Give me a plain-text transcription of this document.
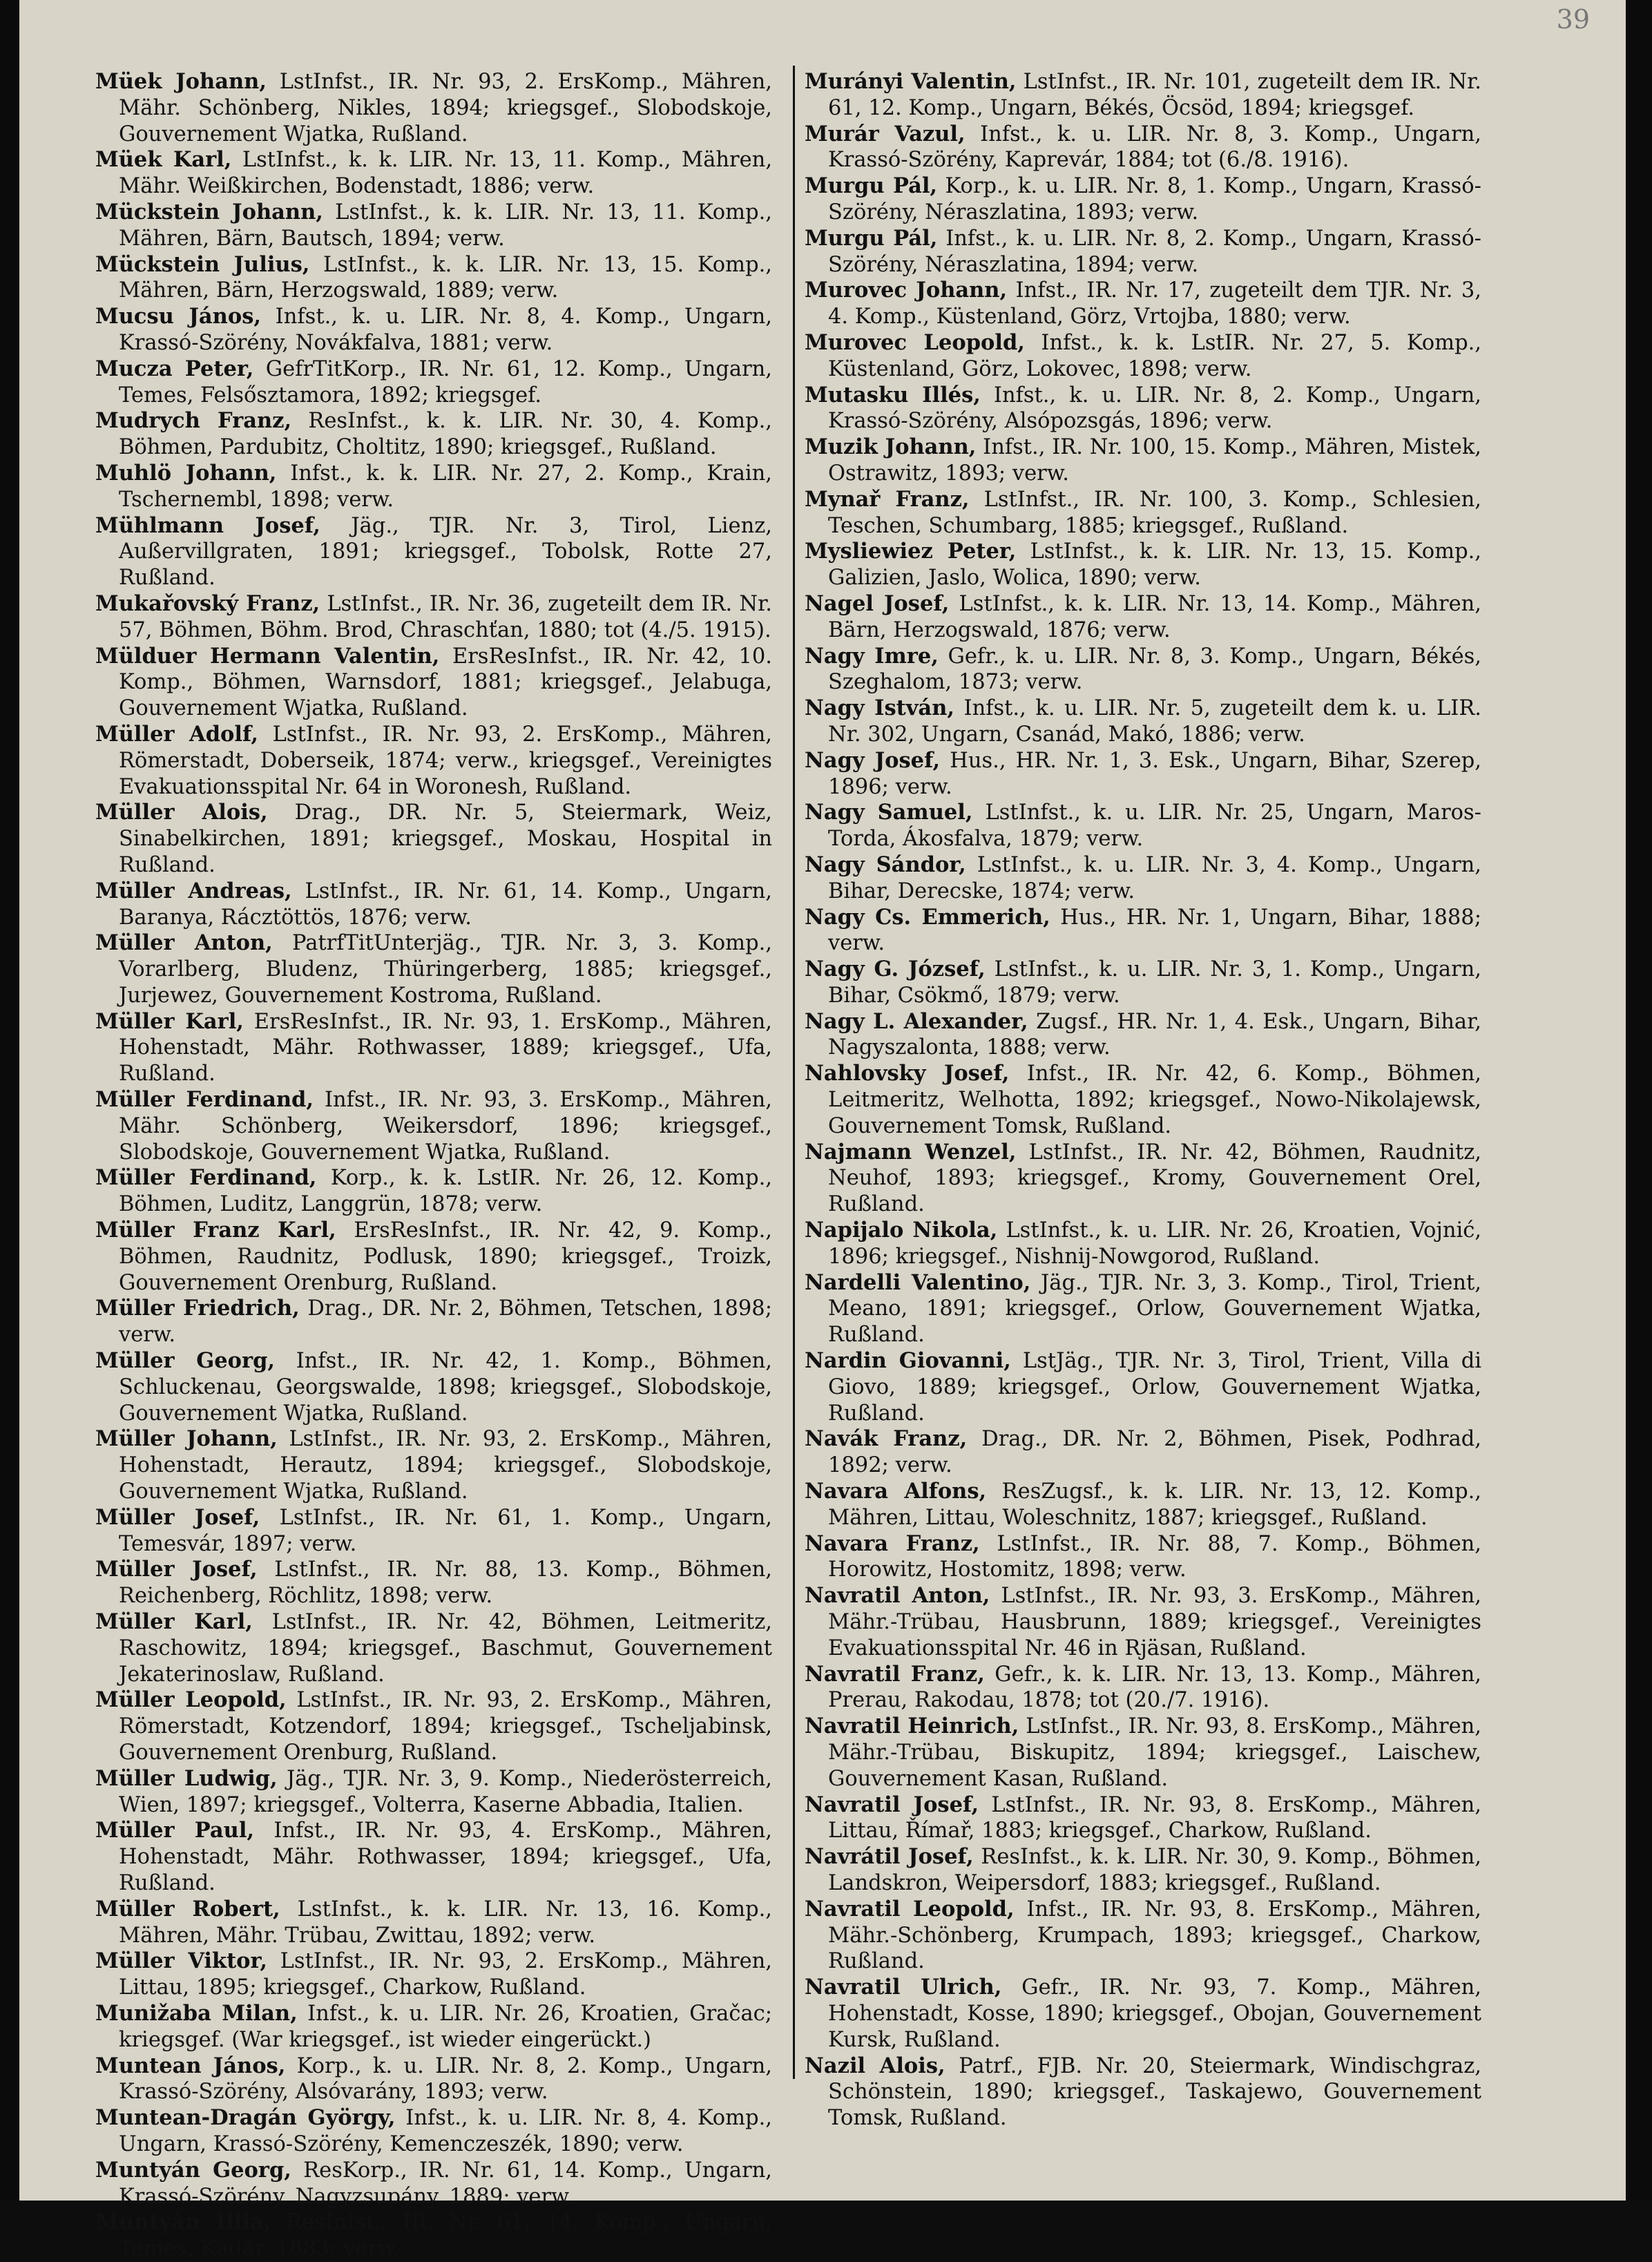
39

Müek Johann, LstInfst., IR. Nr. 93, 2. ErsKomp., Mähren, Mähr. Schönberg, Nikles, 1894; kriegsgef., Slobodskoje, Gouvernement Wjatka, Rußland.

Müek Karl, LstInfst., k. k. LIR. Nr. 13, 11. Komp., Mähren, Mähr. Weißkirchen, Bodenstadt, 1886; verw.

Mückstein Johann, LstInfst., k. k. LIR. Nr. 13, 11. Komp., Mähren, Bärn, Bautsch, 1894; verw.

Mückstein Julius, LstInfst., k. k. LIR. Nr. 13, 15. Komp., Mähren, Bärn, Herzogswald, 1889; verw.

Mucsu János, Infst., k. u. LIR. Nr. 8, 4. Komp., Ungarn, Krassó-Szörény, Novákfalva, 1881; verw.

Mucza Peter, GefrTitKorp., IR. Nr. 61, 12. Komp., Ungarn, Temes, Felsősztamora, 1892; kriegsgef.

Mudrych Franz, ResInfst., k. k. LIR. Nr. 30, 4. Komp., Böhmen, Pardubitz, Choltitz, 1890; kriegsgef., Rußland.

Muhlö Johann, Infst., k. k. LIR. Nr. 27, 2. Komp., Krain, Tschernembl, 1898; verw.

Mühlmann Josef, Jäg., TJR. Nr. 3, Tirol, Lienz, Außervillgraten, 1891; kriegsgef., Tobolsk, Rotte 27, Rußland.

Mukařovský Franz, LstInfst., IR. Nr. 36, zugeteilt dem IR. Nr. 57, Böhmen, Böhm. Brod, Chraschťan, 1880; tot (4./5. 1915).

Mülduer Hermann Valentin, ErsResInfst., IR. Nr. 42, 10. Komp., Böhmen, Warnsdorf, 1881; kriegsgef., Jelabuga, Gouvernement Wjatka, Rußland.

Müller Adolf, LstInfst., IR. Nr. 93, 2. ErsKomp., Mähren, Römerstadt, Doberseik, 1874; verw., kriegsgef., Vereinigtes Evakuationsspital Nr. 64 in Woronesh, Rußland.

Müller Alois, Drag., DR. Nr. 5, Steiermark, Weiz, Sinabelkirchen, 1891; kriegsgef., Moskau, Hospital in Rußland.

Müller Andreas, LstInfst., IR. Nr. 61, 14. Komp., Ungarn, Baranya, Rácztöttös, 1876; verw.

Müller Anton, PatrfTitUnterjäg., TJR. Nr. 3, 3. Komp., Vorarlberg, Bludenz, Thüringerberg, 1885; kriegsgef., Jurjewez, Gouvernement Kostroma, Rußland.

Müller Karl, ErsResInfst., IR. Nr. 93, 1. ErsKomp., Mähren, Hohenstadt, Mähr. Rothwasser, 1889; kriegsgef., Ufa, Rußland.

Müller Ferdinand, Infst., IR. Nr. 93, 3. ErsKomp., Mähren, Mähr. Schönberg, Weikersdorf, 1896; kriegsgef., Slobodskoje, Gouvernement Wjatka, Rußland.

Müller Ferdinand, Korp., k. k. LstIR. Nr. 26, 12. Komp., Böhmen, Luditz, Langgrün, 1878; verw.

Müller Franz Karl, ErsResInfst., IR. Nr. 42, 9. Komp., Böhmen, Raudnitz, Podlusk, 1890; kriegsgef., Troizk, Gouvernement Orenburg, Rußland.

Müller Friedrich, Drag., DR. Nr. 2, Böhmen, Tetschen, 1898; verw.

Müller Georg, Infst., IR. Nr. 42, 1. Komp., Böhmen, Schluckenau, Georgswalde, 1898; kriegsgef., Slobodskoje, Gouvernement Wjatka, Rußland.

Müller Johann, LstInfst., IR. Nr. 93, 2. ErsKomp., Mähren, Hohenstadt, Herautz, 1894; kriegsgef., Slobodskoje, Gouvernement Wjatka, Rußland.

Müller Josef, LstInfst., IR. Nr. 61, 1. Komp., Ungarn, Temesvár, 1897; verw.

Müller Josef, LstInfst., IR. Nr. 88, 13. Komp., Böhmen, Reichenberg, Röchlitz, 1898; verw.

Müller Karl, LstInfst., IR. Nr. 42, Böhmen, Leitmeritz, Raschowitz, 1894; kriegsgef., Baschmut, Gouvernement Jekaterinoslaw, Rußland.

Müller Leopold, LstInfst., IR. Nr. 93, 2. ErsKomp., Mähren, Römerstadt, Kotzendorf, 1894; kriegsgef., Tscheljabinsk, Gouvernement Orenburg, Rußland.

Müller Ludwig, Jäg., TJR. Nr. 3, 9. Komp., Niederösterreich, Wien, 1897; kriegsgef., Volterra, Kaserne Abbadia, Italien.

Müller Paul, Infst., IR. Nr. 93, 4. ErsKomp., Mähren, Hohenstadt, Mähr. Rothwasser, 1894; kriegsgef., Ufa, Rußland.

Müller Robert, LstInfst., k. k. LIR. Nr. 13, 16. Komp., Mähren, Mähr. Trübau, Zwittau, 1892; verw.

Müller Viktor, LstInfst., IR. Nr. 93, 2. ErsKomp., Mähren, Littau, 1895; kriegsgef., Charkow, Rußland.

Munižaba Milan, Infst., k. u. LIR. Nr. 26, Kroatien, Gračac; kriegsgef. (War kriegsgef., ist wieder eingerückt.)

Muntean János, Korp., k. u. LIR. Nr. 8, 2. Komp., Ungarn, Krassó-Szörény, Alsóvarány, 1893; verw.

Muntean-Dragán György, Infst., k. u. LIR. Nr. 8, 4. Komp., Ungarn, Krassó-Szörény, Kemenczeszék, 1890; verw.

Muntyán Georg, ResKorp., IR. Nr. 61, 14. Komp., Ungarn, Krassó-Szörény, Nagyzsupány, 1889; verw.

Muntyán Illia, ResInfst., IR. Nr. 61, 14. Komp., Ungarn, Temes, Kádár, 1883; verw.

Murányi Valentin, LstInfst., IR. Nr. 101, zugeteilt dem IR. Nr. 61, 12. Komp., Ungarn, Békés, Öcsöd, 1894; kriegsgef.

Murár Vazul, Infst., k. u. LIR. Nr. 8, 3. Komp., Ungarn, Krassó-Szörény, Kaprevár, 1884; tot (6./8. 1916).

Murgu Pál, Korp., k. u. LIR. Nr. 8, 1. Komp., Ungarn, Krassó-Szörény, Néraszlatina, 1893; verw.

Murgu Pál, Infst., k. u. LIR. Nr. 8, 2. Komp., Ungarn, Krassó-Szörény, Néraszlatina, 1894; verw.

Murovec Johann, Infst., IR. Nr. 17, zugeteilt dem TJR. Nr. 3, 4. Komp., Küstenland, Görz, Vrtojba, 1880; verw.

Murovec Leopold, Infst., k. k. LstIR. Nr. 27, 5. Komp., Küstenland, Görz, Lokovec, 1898; verw.

Mutasku Illés, Infst., k. u. LIR. Nr. 8, 2. Komp., Ungarn, Krassó-Szörény, Alsópozsgás, 1896; verw.

Muzik Johann, Infst., IR. Nr. 100, 15. Komp., Mähren, Mistek, Ostrawitz, 1893; verw.

Mynař Franz, LstInfst., IR. Nr. 100, 3. Komp., Schlesien, Teschen, Schumbarg, 1885; kriegsgef., Rußland.

Mysliewiez Peter, LstInfst., k. k. LIR. Nr. 13, 15. Komp., Galizien, Jaslo, Wolica, 1890; verw.

Nagel Josef, LstInfst., k. k. LIR. Nr. 13, 14. Komp., Mähren, Bärn, Herzogswald, 1876; verw.

Nagy Imre, Gefr., k. u. LIR. Nr. 8, 3. Komp., Ungarn, Békés, Szeghalom, 1873; verw.

Nagy István, Infst., k. u. LIR. Nr. 5, zugeteilt dem k. u. LIR. Nr. 302, Ungarn, Csanád, Makó, 1886; verw.

Nagy Josef, Hus., HR. Nr. 1, 3. Esk., Ungarn, Bihar, Szerep, 1896; verw.

Nagy Samuel, LstInfst., k. u. LIR. Nr. 25, Ungarn, Maros-Torda, Ákosfalva, 1879; verw.

Nagy Sándor, LstInfst., k. u. LIR. Nr. 3, 4. Komp., Ungarn, Bihar, Derecske, 1874; verw.

Nagy Cs. Emmerich, Hus., HR. Nr. 1, Ungarn, Bihar, 1888; verw.

Nagy G. József, LstInfst., k. u. LIR. Nr. 3, 1. Komp., Ungarn, Bihar, Csökmő, 1879; verw.

Nagy L. Alexander, Zugsf., HR. Nr. 1, 4. Esk., Ungarn, Bihar, Nagyszalonta, 1888; verw.

Nahlovsky Josef, Infst., IR. Nr. 42, 6. Komp., Böhmen, Leitmeritz, Welhotta, 1892; kriegsgef., Nowo-Nikolajewsk, Gouvernement Tomsk, Rußland.

Najmann Wenzel, LstInfst., IR. Nr. 42, Böhmen, Raudnitz, Neuhof, 1893; kriegsgef., Kromy, Gouvernement Orel, Rußland.

Napijalo Nikola, LstInfst., k. u. LIR. Nr. 26, Kroatien, Vojnić, 1896; kriegsgef., Nishnij-Nowgorod, Rußland.

Nardelli Valentino, Jäg., TJR. Nr. 3, 3. Komp., Tirol, Trient, Meano, 1891; kriegsgef., Orlow, Gouvernement Wjatka, Rußland.

Nardin Giovanni, LstJäg., TJR. Nr. 3, Tirol, Trient, Villa di Giovo, 1889; kriegsgef., Orlow, Gouvernement Wjatka, Rußland.

Navák Franz, Drag., DR. Nr. 2, Böhmen, Pisek, Podhrad, 1892; verw.

Navara Alfons, ResZugsf., k. k. LIR. Nr. 13, 12. Komp., Mähren, Littau, Woleschnitz, 1887; kriegsgef., Rußland.

Navara Franz, LstInfst., IR. Nr. 88, 7. Komp., Böhmen, Horowitz, Hostomitz, 1898; verw.

Navratil Anton, LstInfst., IR. Nr. 93, 3. ErsKomp., Mähren, Mähr.-Trübau, Hausbrunn, 1889; kriegsgef., Vereinigtes Evakuationsspital Nr. 46 in Rjäsan, Rußland.

Navratil Franz, Gefr., k. k. LIR. Nr. 13, 13. Komp., Mähren, Prerau, Rakodau, 1878; tot (20./7. 1916).

Navratil Heinrich, LstInfst., IR. Nr. 93, 8. ErsKomp., Mähren, Mähr.-Trübau, Biskupitz, 1894; kriegsgef., Laischew, Gouvernement Kasan, Rußland.

Navratil Josef, LstInfst., IR. Nr. 93, 8. ErsKomp., Mähren, Littau, Římař, 1883; kriegsgef., Charkow, Rußland.

Navrátil Josef, ResInfst., k. k. LIR. Nr. 30, 9. Komp., Böhmen, Landskron, Weipersdorf, 1883; kriegsgef., Rußland.

Navratil Leopold, Infst., IR. Nr. 93, 8. ErsKomp., Mähren, Mähr.-Schönberg, Krumpach, 1893; kriegsgef., Charkow, Rußland.

Navratil Ulrich, Gefr., IR. Nr. 93, 7. Komp., Mähren, Hohenstadt, Kosse, 1890; kriegsgef., Obojan, Gouvernement Kursk, Rußland.

Nazil Alois, Patrf., FJB. Nr. 20, Steiermark, Windischgraz, Schönstein, 1890; kriegsgef., Taskajewo, Gouvernement Tomsk, Rußland.
